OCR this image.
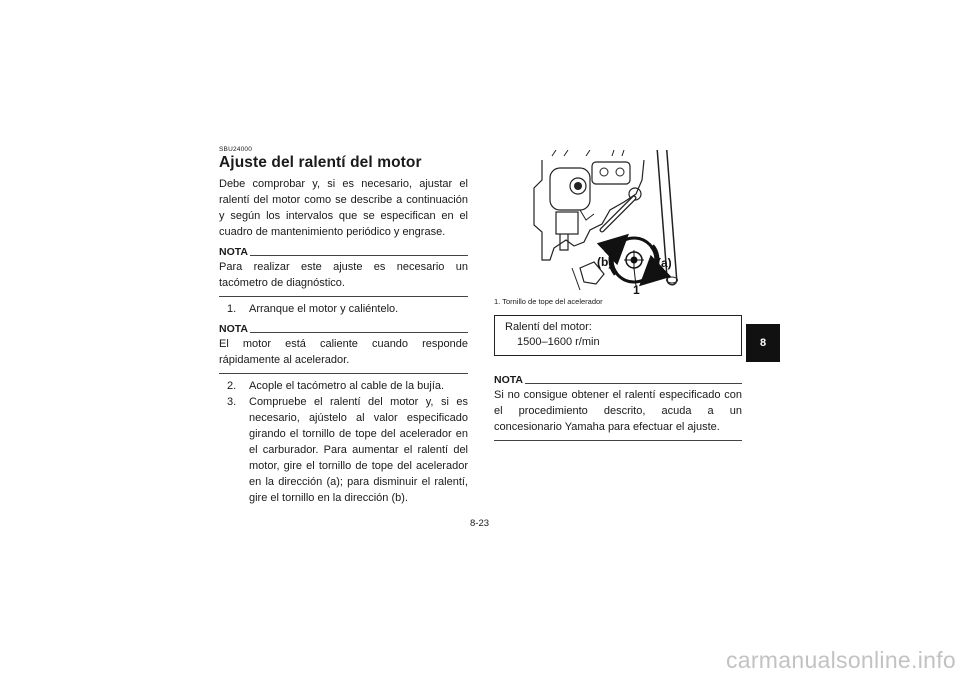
SBU24000
Ajuste del ralentí del motor

Debe comprobar y, si es necesario, ajustar el ralentí del motor como se describe a continuación y según los intervalos que se especifican en el cuadro de mantenimiento periódico y engrase.

NOTA

Para realizar este ajuste es necesario un tacómetro de diagnóstico.

1.	Arranque el motor y caliéntelo.
NOTA

El motor está caliente cuando responde rápidamente al acelerador.

2.	Acople el tacómetro al cable de la bujía.
3.	Compruebe el ralentí del motor y, si es necesario, ajústelo al valor especificado girando el tornillo de tope del acelerador en el carburador. Para aumentar el ralentí del motor, gire el tornillo de tope del acelerador en la dirección (a); para disminuir el ralentí, gire el tornillo en la dirección (b).
(b)	(a)
1
1. Tornillo de tope del acelerador
Ralentí del motor:
1500–1600 r/min
NOTA

Si no consigue obtener el ralentí especificado con el procedimiento descrito, acuda a un concesionario Yamaha para efectuar el ajuste.

8-23
8
carmanualsonline.info
